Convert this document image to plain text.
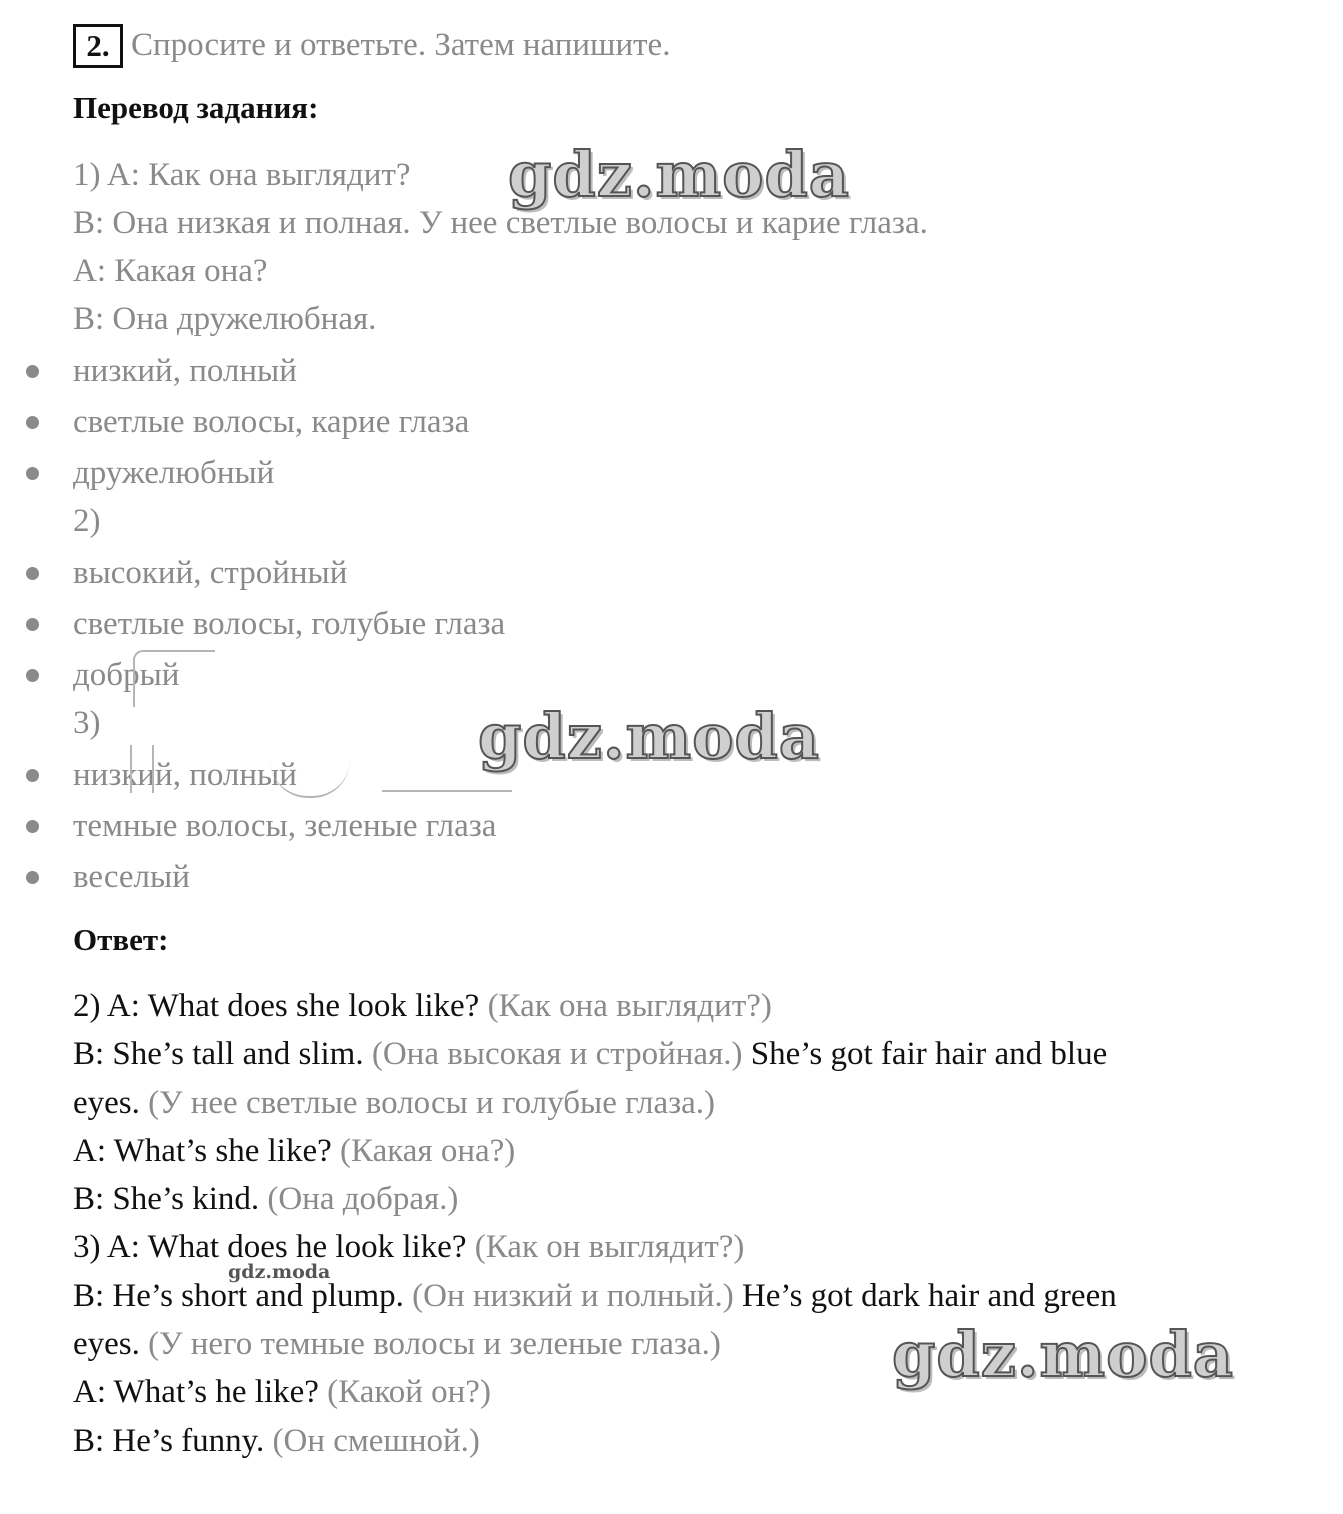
2. Спросите и ответьте. Затем напишите.
Перевод задания:
1) A: Как она выглядит?
B: Она низкая и полная. У нее светлые волосы и карие глаза.
A: Какая она?
B: Она дружелюбная.
низкий, полный
светлые волосы, карие глаза
дружелюбный
2)
высокий, стройный
светлые волосы, голубые глаза
добрый
3)
низкий, полный
темные волосы, зеленые глаза
веселый
Ответ:
2) A: What does she look like? (Как она выглядит?)
B: She’s tall and slim. (Она высокая и стройная.) She’s got fair hair and blue
eyes. (У нее светлые волосы и голубые глаза.)
A: What’s she like? (Какая она?)
B: She’s kind. (Она добрая.)
3) A: What does he look like? (Как он выглядит?)
B: He’s short and plump. (Он низкий и полный.) He’s got dark hair and green
eyes. (У него темные волосы и зеленые глаза.)
A: What’s he like? (Какой он?)
B: He’s funny. (Он смешной.)
gdz.moda
gdz.moda
gdz.moda
gdz.moda
